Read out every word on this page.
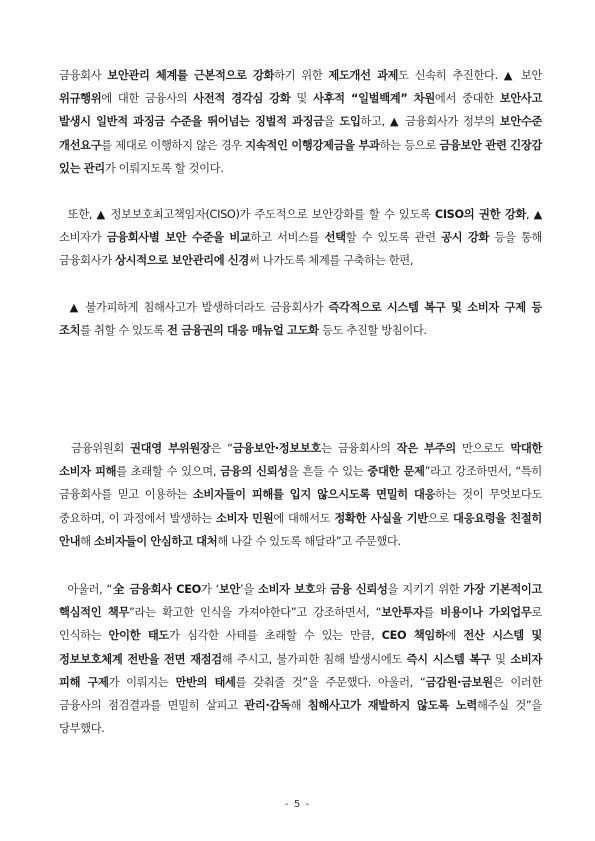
금융회사 보안관리 체계를 근본적으로 강화하기 위한 제도개선 과제도 신속히 추진한다. ▲ 보안 위규행위에 대한 금융사의 사전적 경각심 강화 및 사후적 “일벌백계” 차원에서 중대한 보안사고 발생시 일반적 과징금 수준을 뛰어넘는 징벌적 과징금을 도입하고, ▲ 금융회사가 정부의 보안수준 개선요구를 제대로 이행하지 않은 경우 지속적인 이행강제금을 부과하는 등으로 금융보안 관련 긴장감 있는 관리가 이뤄지도록 할 것이다.

또한, ▲ 정보보호최고책임자(CISO)가 주도적으로 보안강화를 할 수 있도록 CISO의 권한 강화, ▲ 소비자가 금융회사별 보안 수준을 비교하고 서비스를 선택할 수 있도록 관련 공시 강화 등을 통해 금융회사가 상시적으로 보안관리에 신경써 나가도록 체계를 구축하는 한편,

▲ 불가피하게 침해사고가 발생하더라도 금융회사가 즉각적으로 시스템 복구 및 소비자 구제 등 조치를 취할 수 있도록 전 금융권의 대응 매뉴얼 고도화 등도 추진할 방침이다.

금융위원회 권대영 부위원장은 “금융보안·정보보호는 금융회사의 작은 부주의 만으로도 막대한 소비자 피해를 초래할 수 있으며, 금융의 신뢰성을 흔들 수 있는 중대한 문제”라고 강조하면서, “특히 금융회사를 믿고 이용하는 소비자들이 피해를 입지 않으시도록 면밀히 대응하는 것이 무엇보다도 중요하며, 이 과정에서 발생하는 소비자 민원에 대해서도 정확한 사실을 기반으로 대응요령을 친절히 안내해 소비자들이 안심하고 대처해 나갈 수 있도록 해달라”고 주문했다.

아울러, “全 금융회사 CEO가 ‘보안’을 소비자 보호와 금융 신뢰성을 지키기 위한 가장 기본적이고 핵심적인 책무”라는 확고한 인식을 가져야한다”고 강조하면서, “보안투자를 비용이나 가외업무로 인식하는 안이한 태도가 심각한 사태를 초래할 수 있는 만큼, CEO 책임하에 전산 시스템 및 정보보호체계 전반을 전면 재점검해 주시고, 불가피한 침해 발생시에도 즉시 시스템 복구 및 소비자 피해 구제가 이뤄지는 만반의 태세를 갖춰줄 것”을 주문했다. 아울러, “금감원·금보원은 이러한 금융사의 점검결과를 면밀히 살피고 관리·감독해 침해사고가 재발하지 않도록 노력해주실 것”을 당부했다.

- 5 -
